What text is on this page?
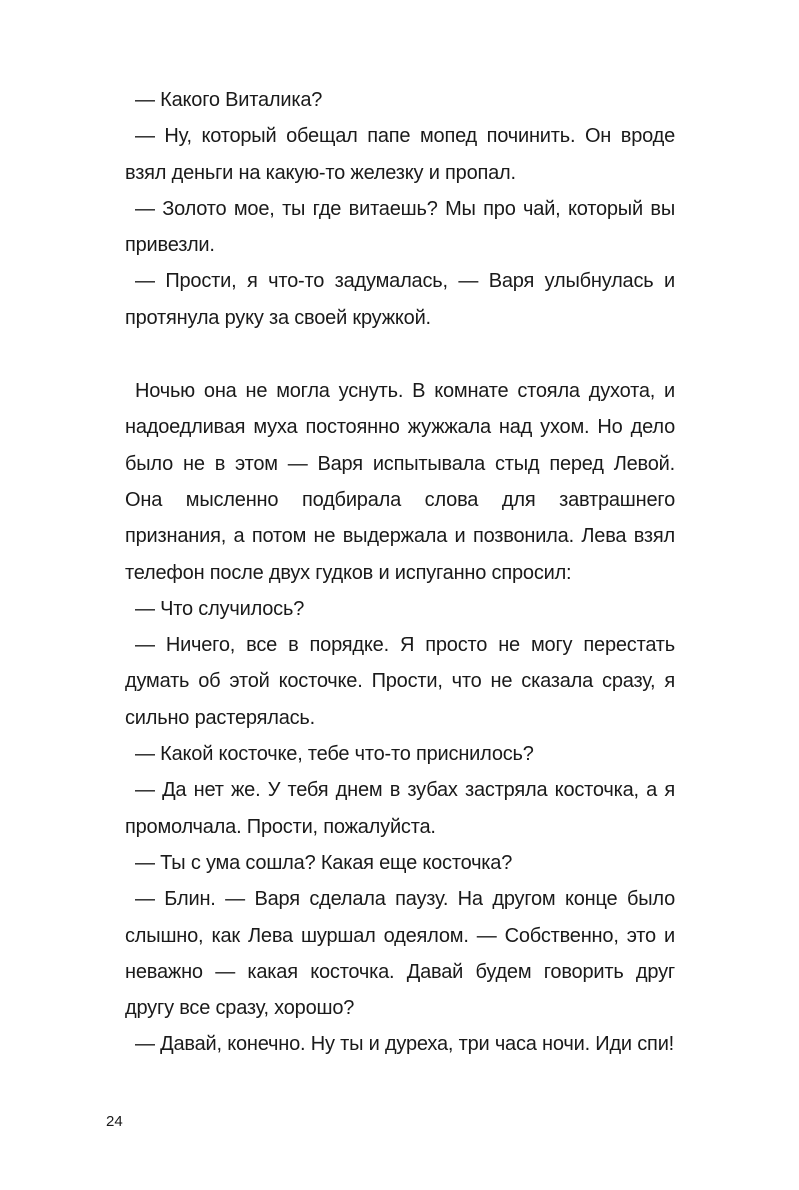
— Какого Виталика?

— Ну, который обещал папе мопед починить. Он вроде взял деньги на какую-то железку и пропал.

— Золото мое, ты где витаешь? Мы про чай, который вы привезли.

— Прости, я что-то задумалась, — Варя улыбнулась и протянула руку за своей кружкой.

Ночью она не могла уснуть. В комнате стояла духота, и надоедливая муха постоянно жужжала над ухом. Но дело было не в этом — Варя испытывала стыд перед Левой. Она мысленно подбирала слова для завтрашнего признания, а потом не выдержала и позвонила. Лева взял телефон после двух гудков и испуганно спросил:

— Что случилось?

— Ничего, все в порядке. Я просто не могу перестать думать об этой косточке. Прости, что не сказала сразу, я сильно растерялась.

— Какой косточке, тебе что-то приснилось?

— Да нет же. У тебя днем в зубах застряла косточка, а я промолчала. Прости, пожалуйста.

— Ты с ума сошла? Какая еще косточка?

— Блин. — Варя сделала паузу. На другом конце было слышно, как Лева шуршал одеялом. — Собственно, это и неважно — какая косточка. Давай будем говорить друг другу все сразу, хорошо?

— Давай, конечно. Ну ты и дуреха, три часа ночи. Иди спи!

24
